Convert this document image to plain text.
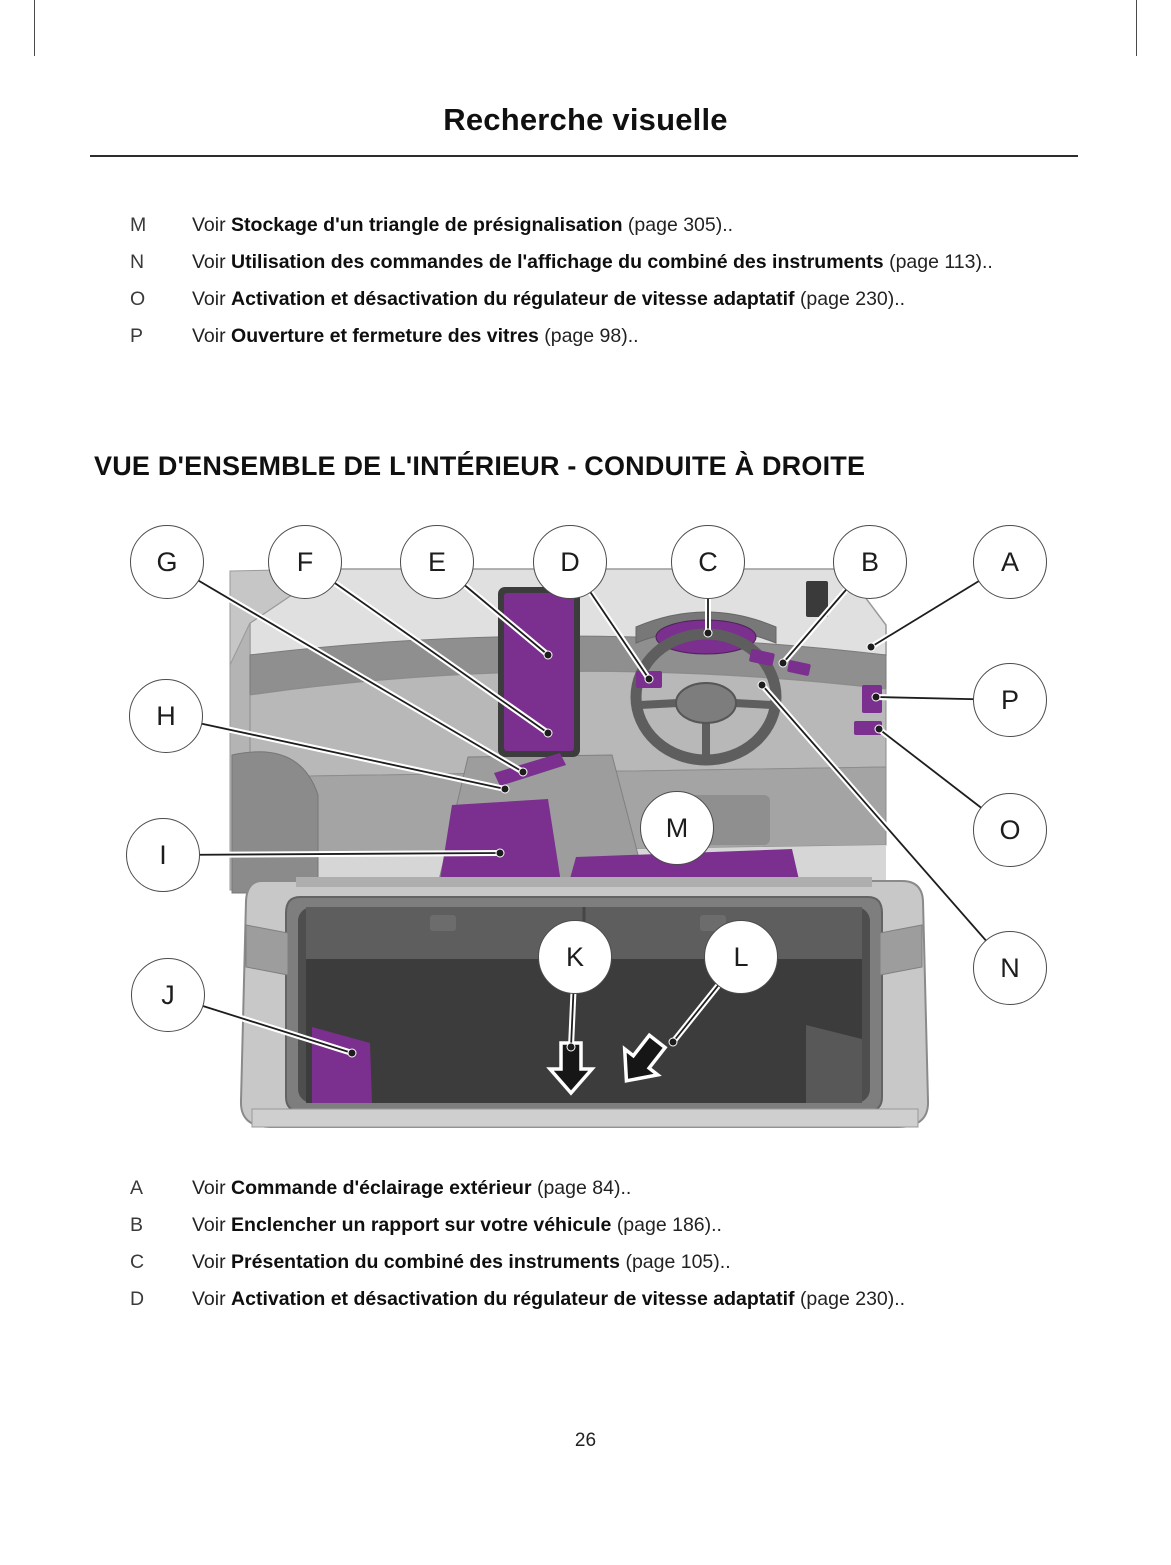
Recherche visuelle
M	Voir Stockage d'un triangle de présignalisation (page 305)..
N	Voir Utilisation des commandes de l'affichage du combiné des instruments (page 113)..
O	Voir Activation et désactivation du régulateur de vitesse adaptatif (page 230)..
P	Voir Ouverture et fermeture des vitres (page 98)..
VUE D'ENSEMBLE DE L'INTÉRIEUR - CONDUITE À DROITE
G	F	E	D	C	B	A
H
P
I
O
M
J
K	L	N
A	Voir Commande d'éclairage extérieur (page 84)..
B	Voir Enclencher un rapport sur votre véhicule (page 186)..
C	Voir Présentation du combiné des instruments (page 105)..
D	Voir Activation et désactivation du régulateur de vitesse adaptatif (page 230)..
26
